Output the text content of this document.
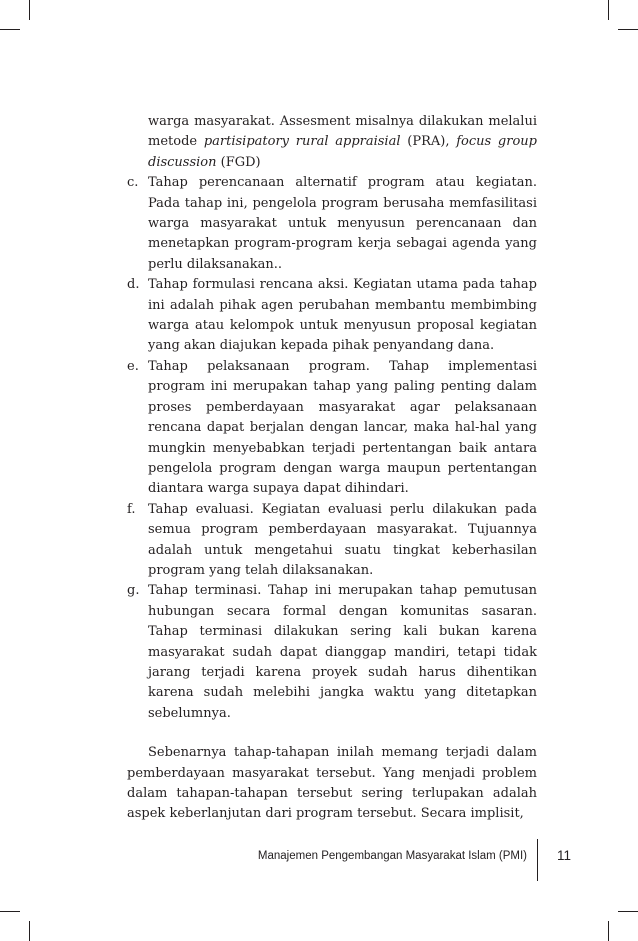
warga masyarakat. Assesment misalnya dilakukan melalui metode partisipatory rural appraisial (PRA), focus group discussion (FGD)

c. Tahap perencanaan alternatif program atau kegiatan. Pada tahap ini, pengelola program berusaha memfasilitasi warga masyarakat untuk menyusun perencanaan dan menetapkan program-program kerja sebagai agenda yang perlu dilaksanakan..

d. Tahap formulasi rencana aksi. Kegiatan utama pada tahap ini adalah pihak agen perubahan membantu membimbing warga atau kelompok untuk menyusun proposal kegiatan yang akan diajukan kepada pihak penyandang dana.

e. Tahap pelaksanaan program. Tahap implementasi program ini merupakan tahap yang paling penting dalam proses pemberdayaan masyarakat agar pelaksanaan rencana dapat berjalan dengan lancar, maka hal-hal yang mungkin menyebabkan terjadi pertentangan baik antara pengelola program dengan warga maupun pertentangan diantara warga supaya dapat dihindari.

f. Tahap evaluasi. Kegiatan evaluasi perlu dilakukan pada semua program pemberdayaan masyarakat. Tujuannya adalah untuk mengetahui suatu tingkat keberhasilan program yang telah dilaksanakan.

g. Tahap terminasi. Tahap ini merupakan tahap pemutusan hubungan secara formal dengan komunitas sasaran. Tahap terminasi dilakukan sering kali bukan karena masyarakat sudah dapat dianggap mandiri, tetapi tidak jarang terjadi karena proyek sudah harus dihentikan karena sudah melebihi jangka waktu yang ditetapkan sebelumnya.

Sebenarnya tahap-tahapan inilah memang terjadi dalam pemberdayaan masyarakat tersebut. Yang menjadi problem dalam tahapan-tahapan tersebut sering terlupakan adalah aspek keberlanjutan dari program tersebut. Secara implisit,

Manajemen Pengembangan Masyarakat Islam (PMI) 11
